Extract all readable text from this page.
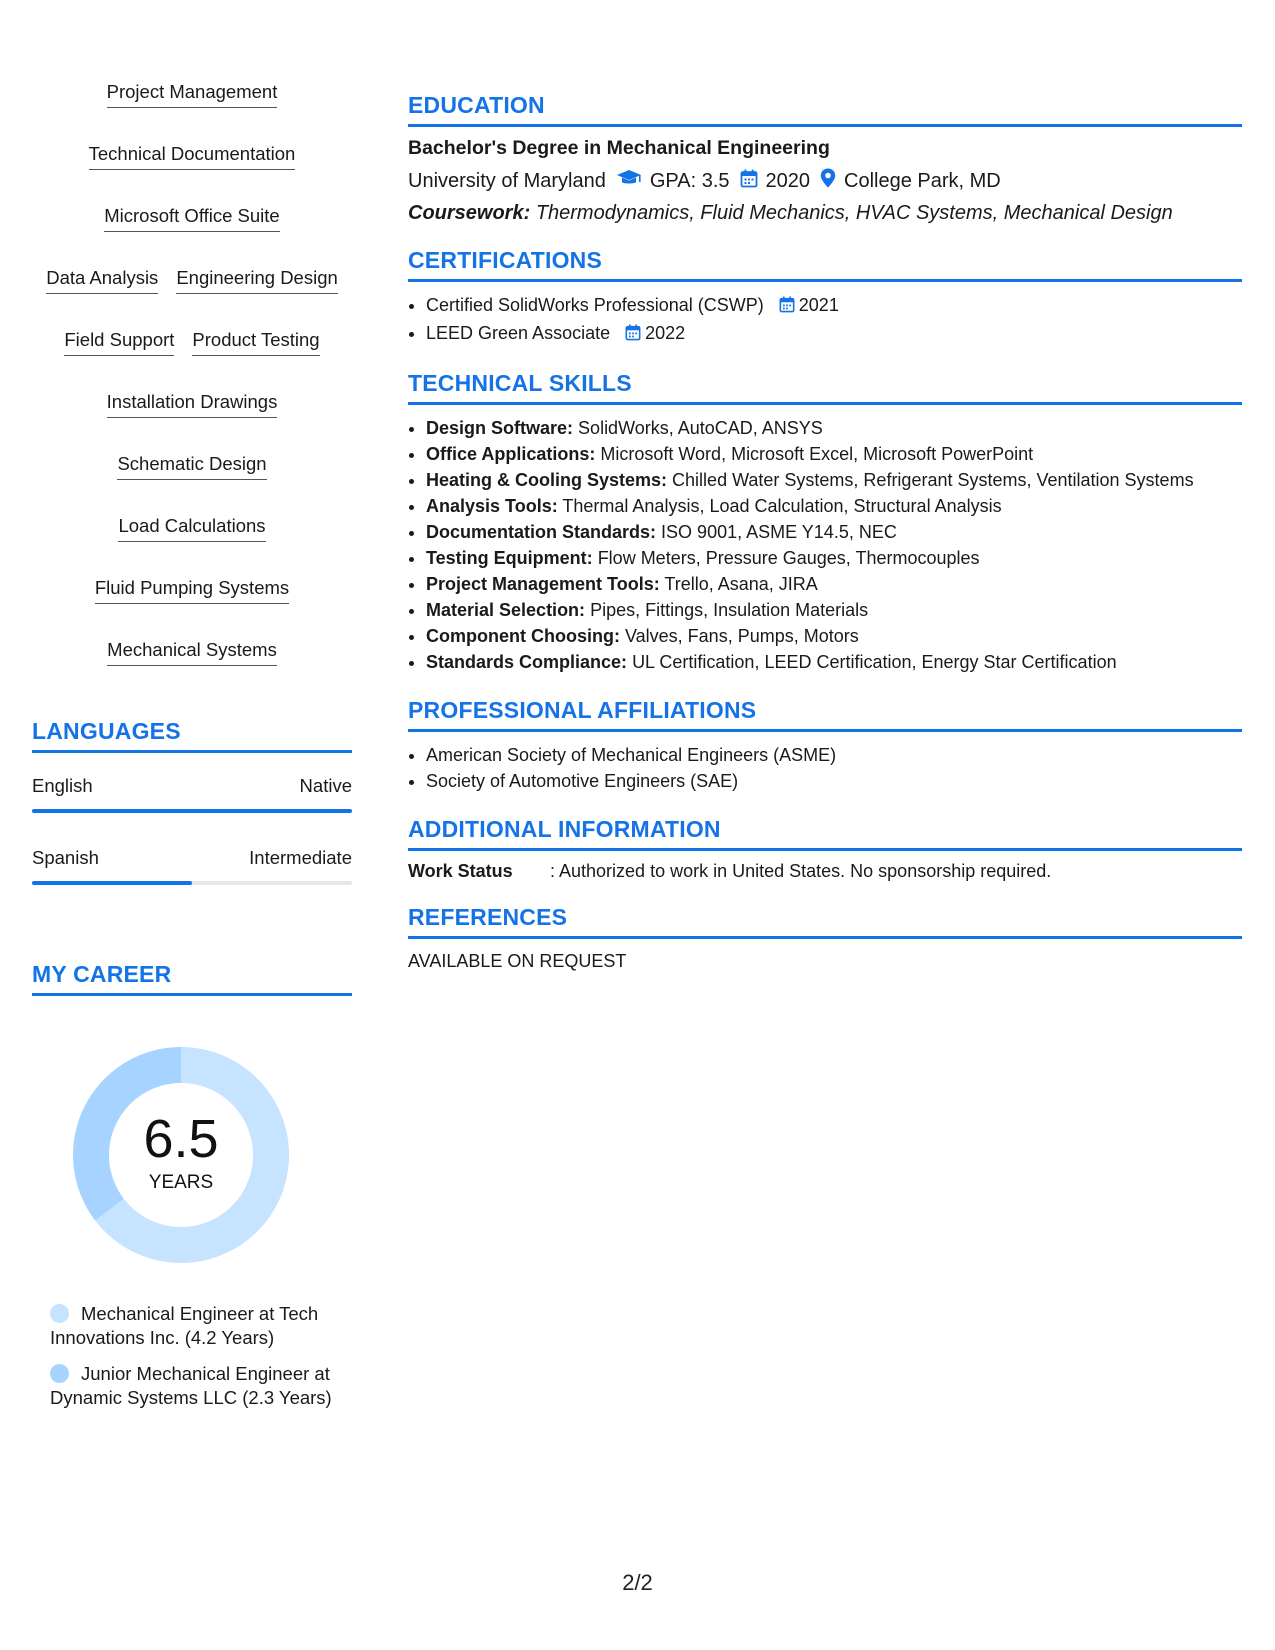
Project Management
Technical Documentation
Microsoft Office Suite
Data Analysis Engineering Design
Field Support Product Testing
Installation Drawings
Schematic Design
Load Calculations
Fluid Pumping Systems
Mechanical Systems
LANGUAGES
English	Native
Spanish	Intermediate
MY CAREER
6.5
YEARS
Mechanical Engineer at Tech Innovations Inc. (4.2 Years)
Junior Mechanical Engineer at Dynamic Systems LLC (2.3 Years)
EDUCATION
Bachelor's Degree in Mechanical Engineering
University of Maryland GPA: 3.5 2020 College Park, MD
Coursework: Thermodynamics, Fluid Mechanics, HVAC Systems, Mechanical Design
CERTIFICATIONS
• Certified SolidWorks Professional (CSWP) 2021
• LEED Green Associate 2022
TECHNICAL SKILLS
• Design Software: SolidWorks, AutoCAD, ANSYS
• Office Applications: Microsoft Word, Microsoft Excel, Microsoft PowerPoint
• Heating & Cooling Systems: Chilled Water Systems, Refrigerant Systems, Ventilation Systems
• Analysis Tools: Thermal Analysis, Load Calculation, Structural Analysis
• Documentation Standards: ISO 9001, ASME Y14.5, NEC
• Testing Equipment: Flow Meters, Pressure Gauges, Thermocouples
• Project Management Tools: Trello, Asana, JIRA
• Material Selection: Pipes, Fittings, Insulation Materials
• Component Choosing: Valves, Fans, Pumps, Motors
• Standards Compliance: UL Certification, LEED Certification, Energy Star Certification
PROFESSIONAL AFFILIATIONS
• American Society of Mechanical Engineers (ASME)
• Society of Automotive Engineers (SAE)
ADDITIONAL INFORMATION
Work Status	: Authorized to work in United States. No sponsorship required.
REFERENCES
AVAILABLE ON REQUEST
2/2
